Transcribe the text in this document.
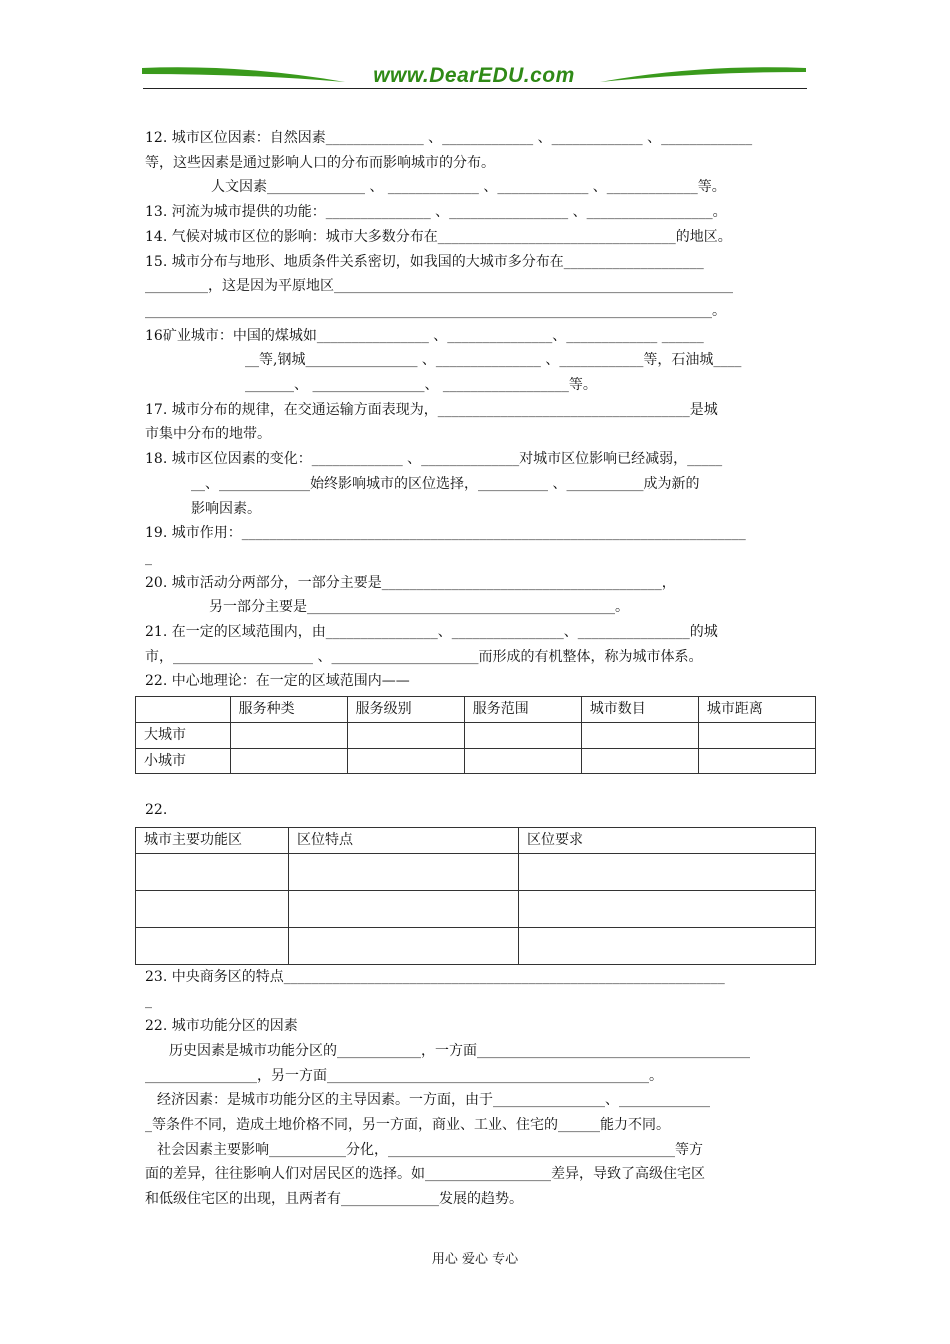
www.DearEDU.com

12. 城市区位因素：自然因素______________ 、_____________ 、_____________ 、_____________

等，这些因素是通过影响人口的分布而影响城市的分布。

人文因素______________ 、 _____________ 、_____________ 、_____________等。

13. 河流为城市提供的功能：_______________ 、_________________ 、__________________。

14. 气候对城市区位的影响：城市大多数分布在__________________________________的地区。

15. 城市分布与地形、地质条件关系密切，如我国的大城市多分布在____________________

_________，这是因为平原地区_________________________________________________________

_________________________________________________________________________________。

16矿业城市：中国的煤城如________________ 、_______________、_____________ ______

__等,钢城________________ 、_______________ 、____________等，石油城____

_______、 ________________、 __________________等。

17. 城市分布的规律，在交通运输方面表现为，____________________________________是城

市集中分布的地带。

18. 城市区位因素的变化：_____________ 、______________对城市区位影响已经减弱，_____

__、_____________始终影响城市的区位选择，__________ 、___________成为新的

影响因素。

19. 城市作用：________________________________________________________________________

_

20. 城市活动分两部分，一部分主要是________________________________________，

另一部分主要是____________________________________________。

21. 在一定的区域范围内，由________________、________________、________________的城

市，____________________ 、_____________________而形成的有机整体，称为城市体系。

22. 中心地理论：在一定的区域范围内——

	服务种类	服务级别	服务范围	城市数目	城市距离
大城市					
小城市					

22.

城市主要功能区	区位特点	区位要求

23. 中央商务区的特点_______________________________________________________________

_

22. 城市功能分区的因素

历史因素是城市功能分区的____________，一方面_______________________________________

________________，另一方面______________________________________________。

经济因素：是城市功能分区的主导因素。一方面，由于________________、_____________

_等条件不同，造成土地价格不同，另一方面，商业、工业、住宅的______能力不同。

社会因素主要影响___________分化，_________________________________________等方

面的差异，往往影响人们对居民区的选择。如__________________差异，导致了高级住宅区

和低级住宅区的出现，且两者有______________发展的趋势。

用心 爱心 专心
